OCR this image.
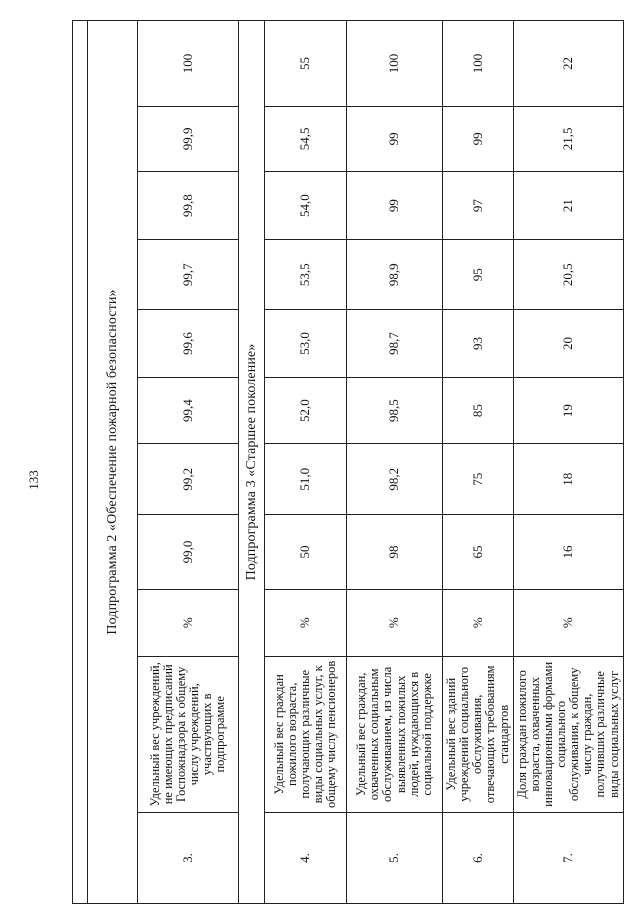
133	Подпрограмма 2 «Обеспечение пожарной безопасности»										
3.	Удельный вес учреждений, не имеющих предписаний Госпожнадзора к общему числу учреждений, участвующих в подпрограмме	%	99,0	99,2	99,4	99,6	99,7	99,8	99,9	100
Подпрограмма 3 «Старшее поколение»										
4.	Удельный вес граждан пожилого возраста, получающих различные виды социальных услуг, к общему числу пенсионеров	%	50	51,0	52,0	53,0	53,5	54,0	54,5	55
5.	Удельный вес граждан, охваченных социальным обслуживанием, из числа выявленных пожилых людей, нуждающихся в социальной поддержке	%	98	98,2	98,5	98,7	98,9	99	99	100
6.	Удельный вес зданий учреждений социального обслуживания, отвечающих требованиям стандартов	%	65	75	85	93	95	97	99	100
7.	Доля граждан пожилого возраста, охваченных инновационными формами социального обслуживания, к общему числу граждан, получивших различные виды социальных услуг	%	16	18	19	20	20,5	21	21,5	22
